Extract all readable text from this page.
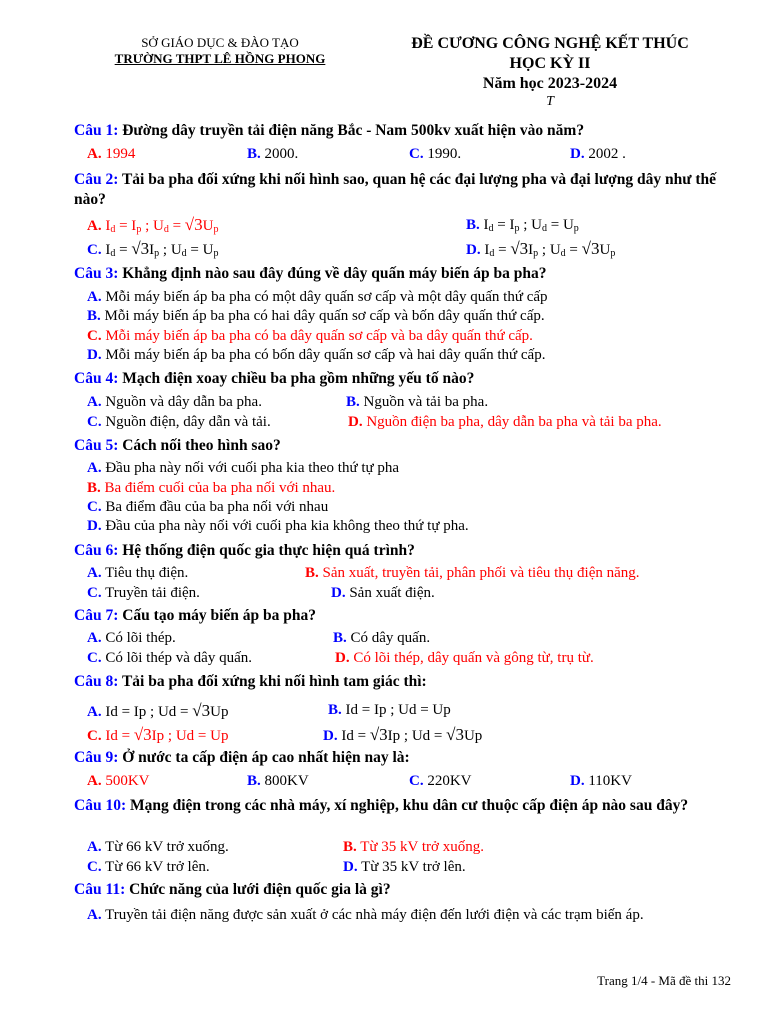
SỞ GIÁO DỤC & ĐÀO TẠO
TRƯỜNG THPT LÊ HỒNG PHONG
ĐỀ CƯƠNG CÔNG NGHỆ KẾT THÚC
HỌC KỲ II
Năm học 2023-2024
T
Câu 1: Đường dây truyền tải điện năng Bắc - Nam 500kv xuất hiện vào năm?
A. 1994	B. 2000.	C. 1990.	D. 2002 .
Câu 2: Tải ba pha đối xứng khi nối hình sao, quan hệ các đại lượng pha và đại lượng dây như thế nào?
A. $I_d = I_p$ ; $U_d = √3U_p$	B. $I_d = I_p$ ; $U_d = U_p$
C. $I_d = √3I_p$ ; $U_d = U_p$	D. $I_d = √3I_p$ ; $U_d = √3U_p$
Câu 3: Khẳng định nào sau đây đúng về dây quấn máy biến áp ba pha?
A. Mỗi máy biến áp ba pha có một dây quấn sơ cấp và một dây quấn thứ cấp
B. Mỗi máy biến áp ba pha có hai dây quấn sơ cấp và bốn dây quấn thứ cấp.
C. Mỗi máy biến áp ba pha có ba dây quấn sơ cấp và ba dây quấn thứ cấp.
D. Mỗi máy biến áp ba pha có bốn dây quấn sơ cấp và hai dây quấn thứ cấp.
Câu 4: Mạch điện xoay chiều ba pha gồm những yếu tố nào?
A. Nguồn và dây dẫn ba pha.	B. Nguồn và tải ba pha.
C. Nguồn điện, dây dẫn và tải.	D. Nguồn điện ba pha, dây dẫn ba pha và tải ba pha.
Câu 5: Cách nối theo hình sao?
A. Đầu pha này nối với cuối pha kia theo thứ tự pha
B. Ba điểm cuối của ba pha nối với nhau.
C. Ba điểm đầu của ba pha nối với nhau
D. Đầu của pha này nối với cuối pha kia không theo thứ tự pha.
Câu 6: Hệ thống điện quốc gia thực hiện quá trình?
A. Tiêu thụ điện.	B. Sản xuất, truyền tải, phân phối và tiêu thụ điện năng.
C. Truyền tải điện.	D. Sản xuất điện.
Câu 7: Cấu tạo máy biến áp ba pha?
A. Có lõi thép.	B. Có dây quấn.
C. Có lõi thép và dây quấn.	D. Có lõi thép, dây quấn và gông từ, trụ từ.
Câu 8: Tải ba pha đối xứng khi nối hình tam giác thì:
A. Id = Ip ; Ud = √3Up	B. Id = Ip ; Ud = Up
C. Id = √3Ip ; Ud = Up	D. Id = √3Ip ; Ud = √3Up
Câu 9: Ở nước ta cấp điện áp cao nhất hiện nay là:
A. 500KV	B. 800KV	C. 220KV	D. 110KV
Câu 10: Mạng điện trong các nhà máy, xí nghiệp, khu dân cư thuộc cấp điện áp nào sau đây?
A. Từ 66 kV trở xuống.	B. Từ 35 kV trở xuống.
C. Từ 66 kV trở lên.	D. Từ 35 kV trở lên.
Câu 11: Chức năng của lưới điện quốc gia là gì?
A. Truyền tải điện năng được sản xuất ở các nhà máy điện đến lưới điện và các trạm biến áp.
Trang 1/4 - Mã đề thi 132
